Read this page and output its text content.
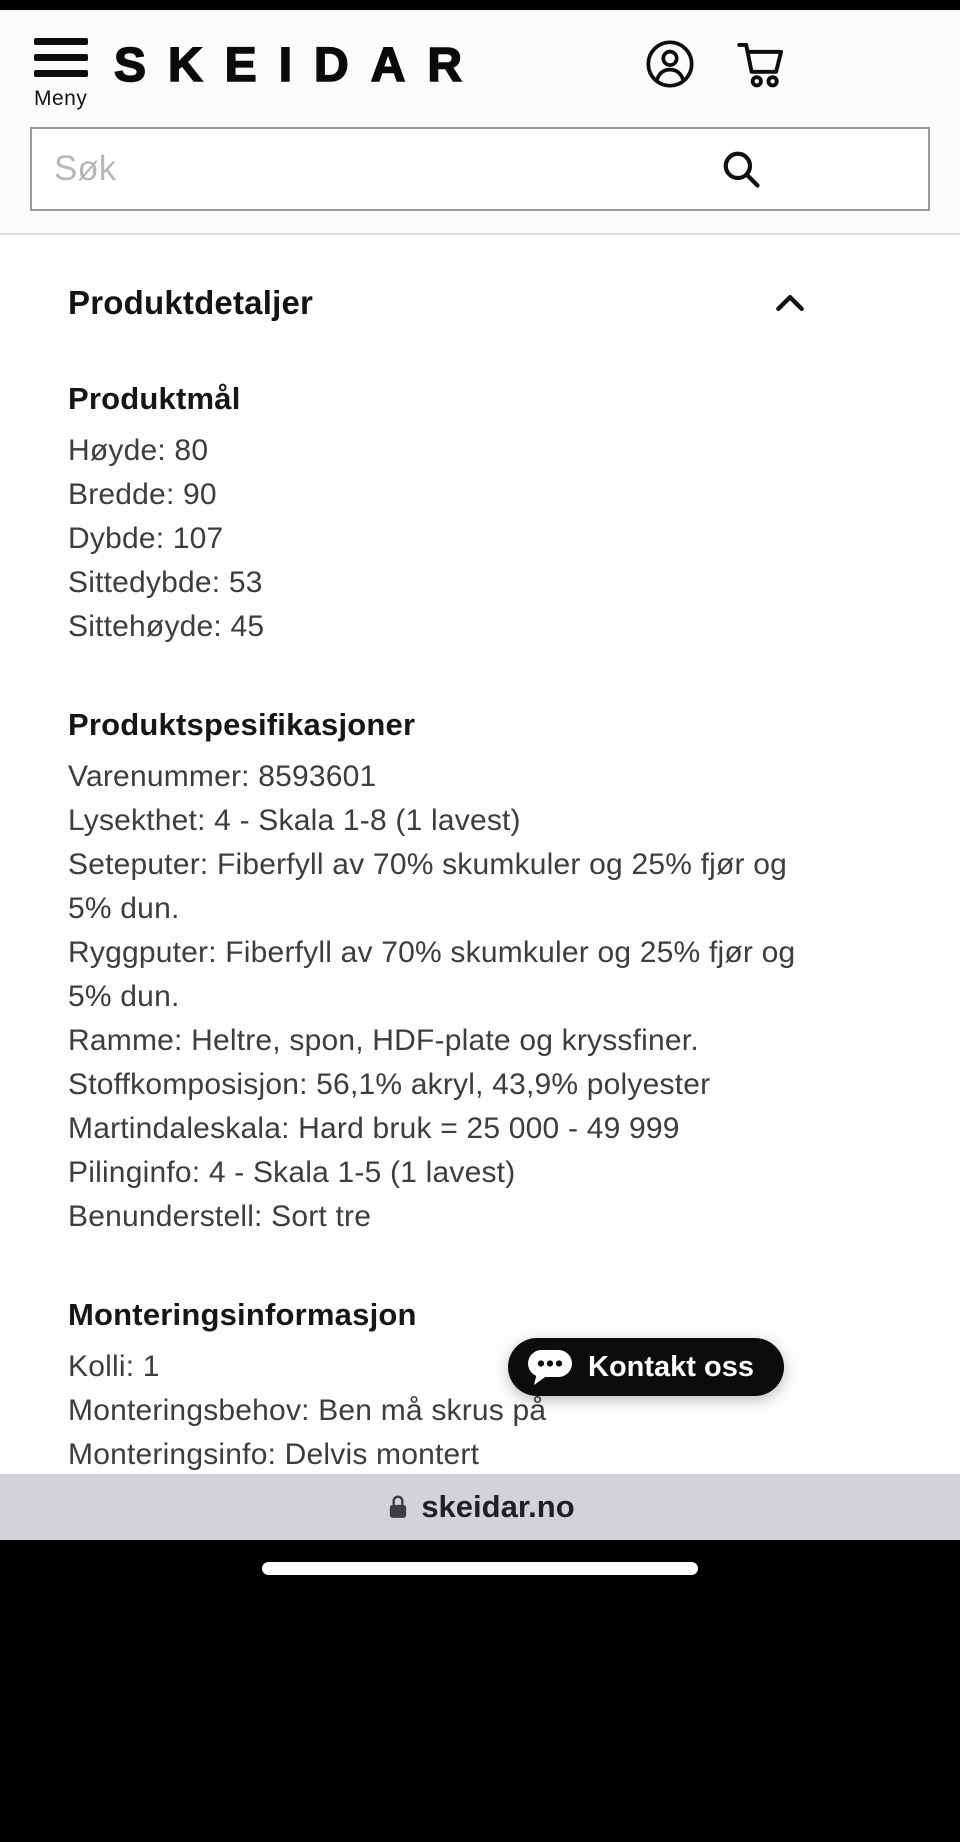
Meny
SKEIDAR
Søk
Produktdetaljer
Produktmål

Høyde: 80

Bredde: 90

Dybde: 107

Sittedybde: 53

Sittehøyde: 45

Produktspesifikasjoner

Varenummer: 8593601

Lysekthet: 4 - Skala 1-8 (1 lavest)

Seteputer: Fiberfyll av 70% skumkuler og 25% fjør og 5% dun.

Ryggputer: Fiberfyll av 70% skumkuler og 25% fjør og 5% dun.

Ramme: Heltre, spon, HDF-plate og kryssfiner.

Stoffkomposisjon: 56,1% akryl, 43,9% polyester

Martindaleskala: Hard bruk = 25 000 - 49 999

Pilinginfo: 4 - Skala 1-5 (1 lavest)

Benunderstell: Sort tre

Monteringsinformasjon

Kolli: 1

Monteringsbehov: Ben må skrus på

Monteringsinfo: Delvis montert

Kontakt oss
skeidar.no
